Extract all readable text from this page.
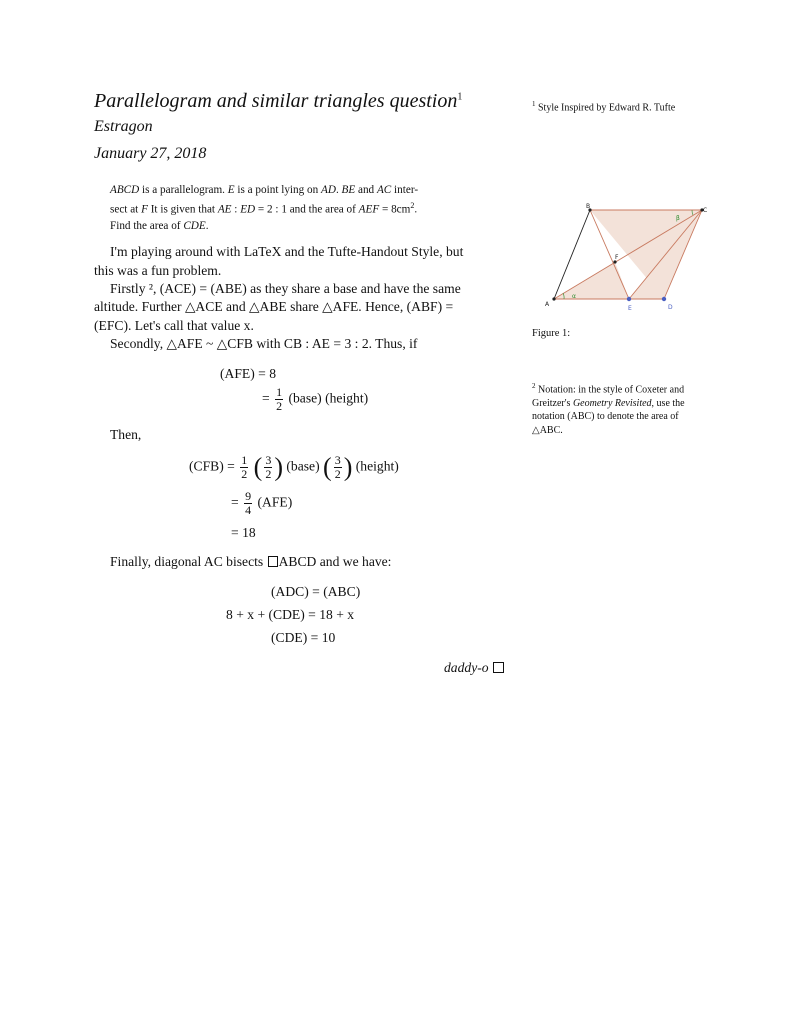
Parallelogram and similar triangles question$^1$
Estragon
January 27, 2018
ABCD is a parallelogram. E is a point lying on AD. BE and AC inter-
sect at F It is given that AE : ED = 2 : 1 and the area of AEF = $8cm^2$.
Find the area of CDE.
I'm playing around with LaTeX and the Tufte-Handout Style, but
this was a fun problem.
Firstly ², (ACE) = (ABE) as they share a base and have the same
altitude. Further △ACE and △ABE share △AFE. Hence, (ABF) =
(EFC). Let's call that value x.
Secondly, △AFE ~ △CFB with CB : AE = 3 : 2. Thus, if
(AFE) = 8
= $\frac{1}{2}$ (base) (height)
Then,
$(CFB) = \frac{1}{2}$ ( $\frac{3}{2}$ ) (base) ( $\frac{3}{2}$ ) (height)
= $\frac{9}{4} (AFE)$
= 18
Finally, diagonal AC bisects ABCD and we have:
(ADC) = (ABC)
8 + x + (CDE) = 18 + x
(CDE) = 10
daddy-o
$^1$ Style Inspired by Edward R. Tufte
$^2$ Notation: in the style of Coxeter and
Greitzer's Geometry Revisited, use the
notation (ABC) to denote the area of
△ABC.
A
B
C
F
E	D
α
β
Figure 1:
